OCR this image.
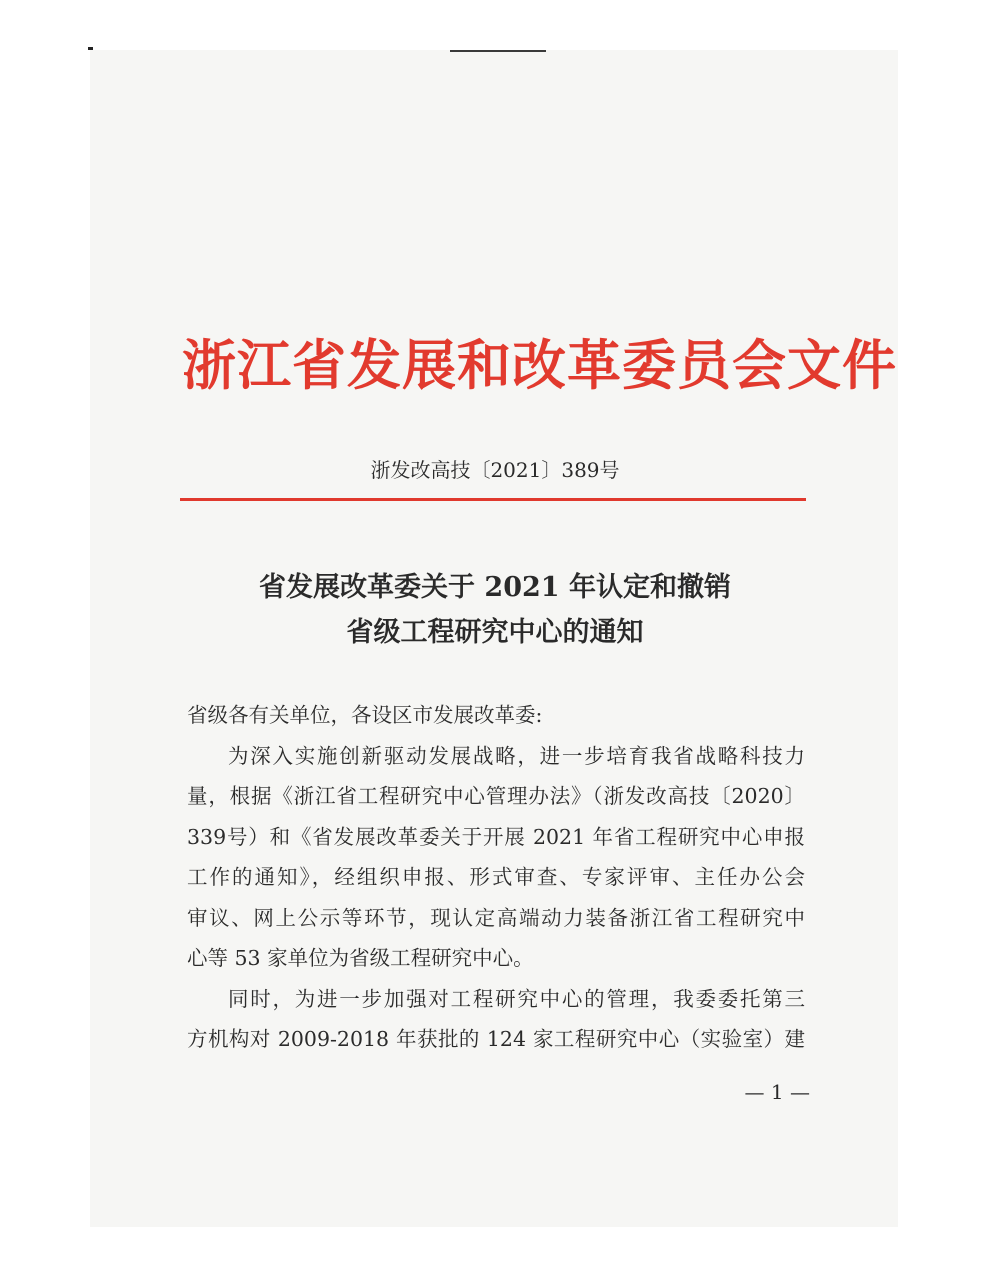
浙江省发展和改革委员会文件
浙发改高技〔2021〕389号
省发展改革委关于 2021 年认定和撤销
省级工程研究中心的通知
省级各有关单位，各设区市发展改革委:
为深入实施创新驱动发展战略，进一步培育我省战略科技力
量，根据《浙江省工程研究中心管理办法》（浙发改高技〔2020〕
339号）和《省发展改革委关于开展 2021 年省工程研究中心申报
工作的通知》，经组织申报、形式审查、专家评审、主任办公会
审议、网上公示等环节，现认定高端动力装备浙江省工程研究中
心等 53 家单位为省级工程研究中心。
同时，为进一步加强对工程研究中心的管理，我委委托第三
方机构对 2009-2018 年获批的 124 家工程研究中心（实验室）建
— 1 —
